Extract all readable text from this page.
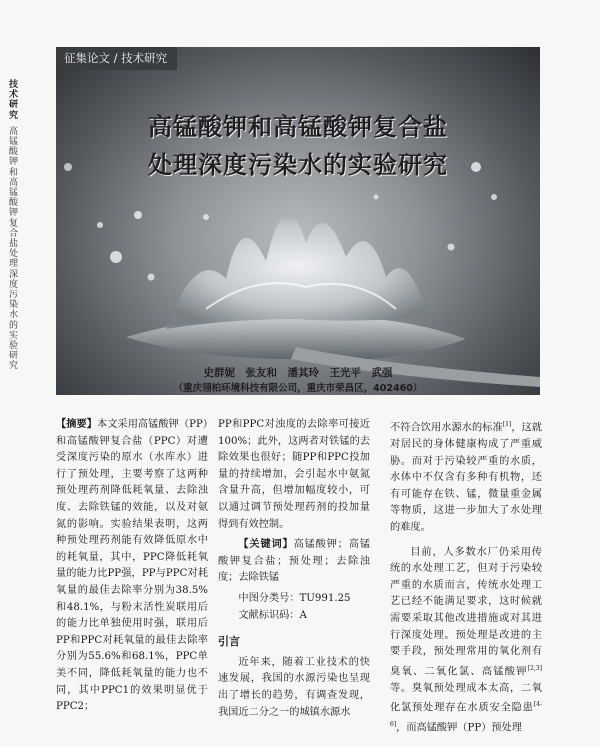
技术研究
高锰酸钾和高锰酸钾复合盐处理深度污染水的实验研究
征集论文 / 技术研究
高锰酸钾和高锰酸钾复合盐
处理深度污染水的实验研究
史群妮　张友和　潘其玲　王光平　武强
（重庆翎柏环境科技有限公司，重庆市荣昌区，402460）

【摘要】本文采用高锰酸钾（PP）和高锰酸钾复合盐（PPC）对遭受深度污染的原水（水库水）进行了预处理，主要考察了这两种预处理药剂降低耗氧量、去除浊度、去除铁锰的效能，以及对氨氮的影响。实验结果表明，这两种预处理药剂能有效降低原水中的耗氧量，其中，PPC降低耗氧量的能力比PP强，PP与PPC对耗氧量的最佳去除率分别为38.5%和48.1%，与粉末活性炭联用后的能力比单独使用时强，联用后PP和PPC对耗氧量的最佳去除率分别为55.6%和68.1%，PPC单美不同，降低耗氧量的能力也不同，其中PPC1的效果明显优于PPC2；

PP和PPC对浊度的去除率可接近100%；此外，这两者对铁锰的去除效果也很好；随PP和PPC投加量的持续增加，会引起水中氨氮含量升高，但增加幅度较小，可以通过调节预处理药剂的投加量得到有效控制。

【关键词】高锰酸钾；高锰酸钾复合盐；预处理；去除浊度；去除铁锰

中图分类号：TU991.25

文献标识码：A

引言

近年来，随着工业技术的快速发展，我国的水源污染也呈现出了增长的趋势，有调查发现，我国近二分之一的城镇水源水

不符合饮用水源水的标准[1]，这就对居民的身体健康构成了严重威胁。而对于污染较严重的水质，水体中不仅含有多种有机物，还有可能存在铁、锰，微量重金属等物质，这进一步加大了水处理的难度。

目前，人多数水厂仍采用传统的水处理工艺，但对于污染较严重的水质而言，传统水处理工艺已经不能满足要求，这时候就需要采取其他改进措施或对其进行深度处理。预处理是改进的主要手段，预处理常用的氧化剂有臭氧、二氧化氯、高锰酸钾[2,3]等。臭氧预处理成本太高，二氧化氯预处理存在水质安全隐患[4-6]，而高锰酸钾（PP）预处理
